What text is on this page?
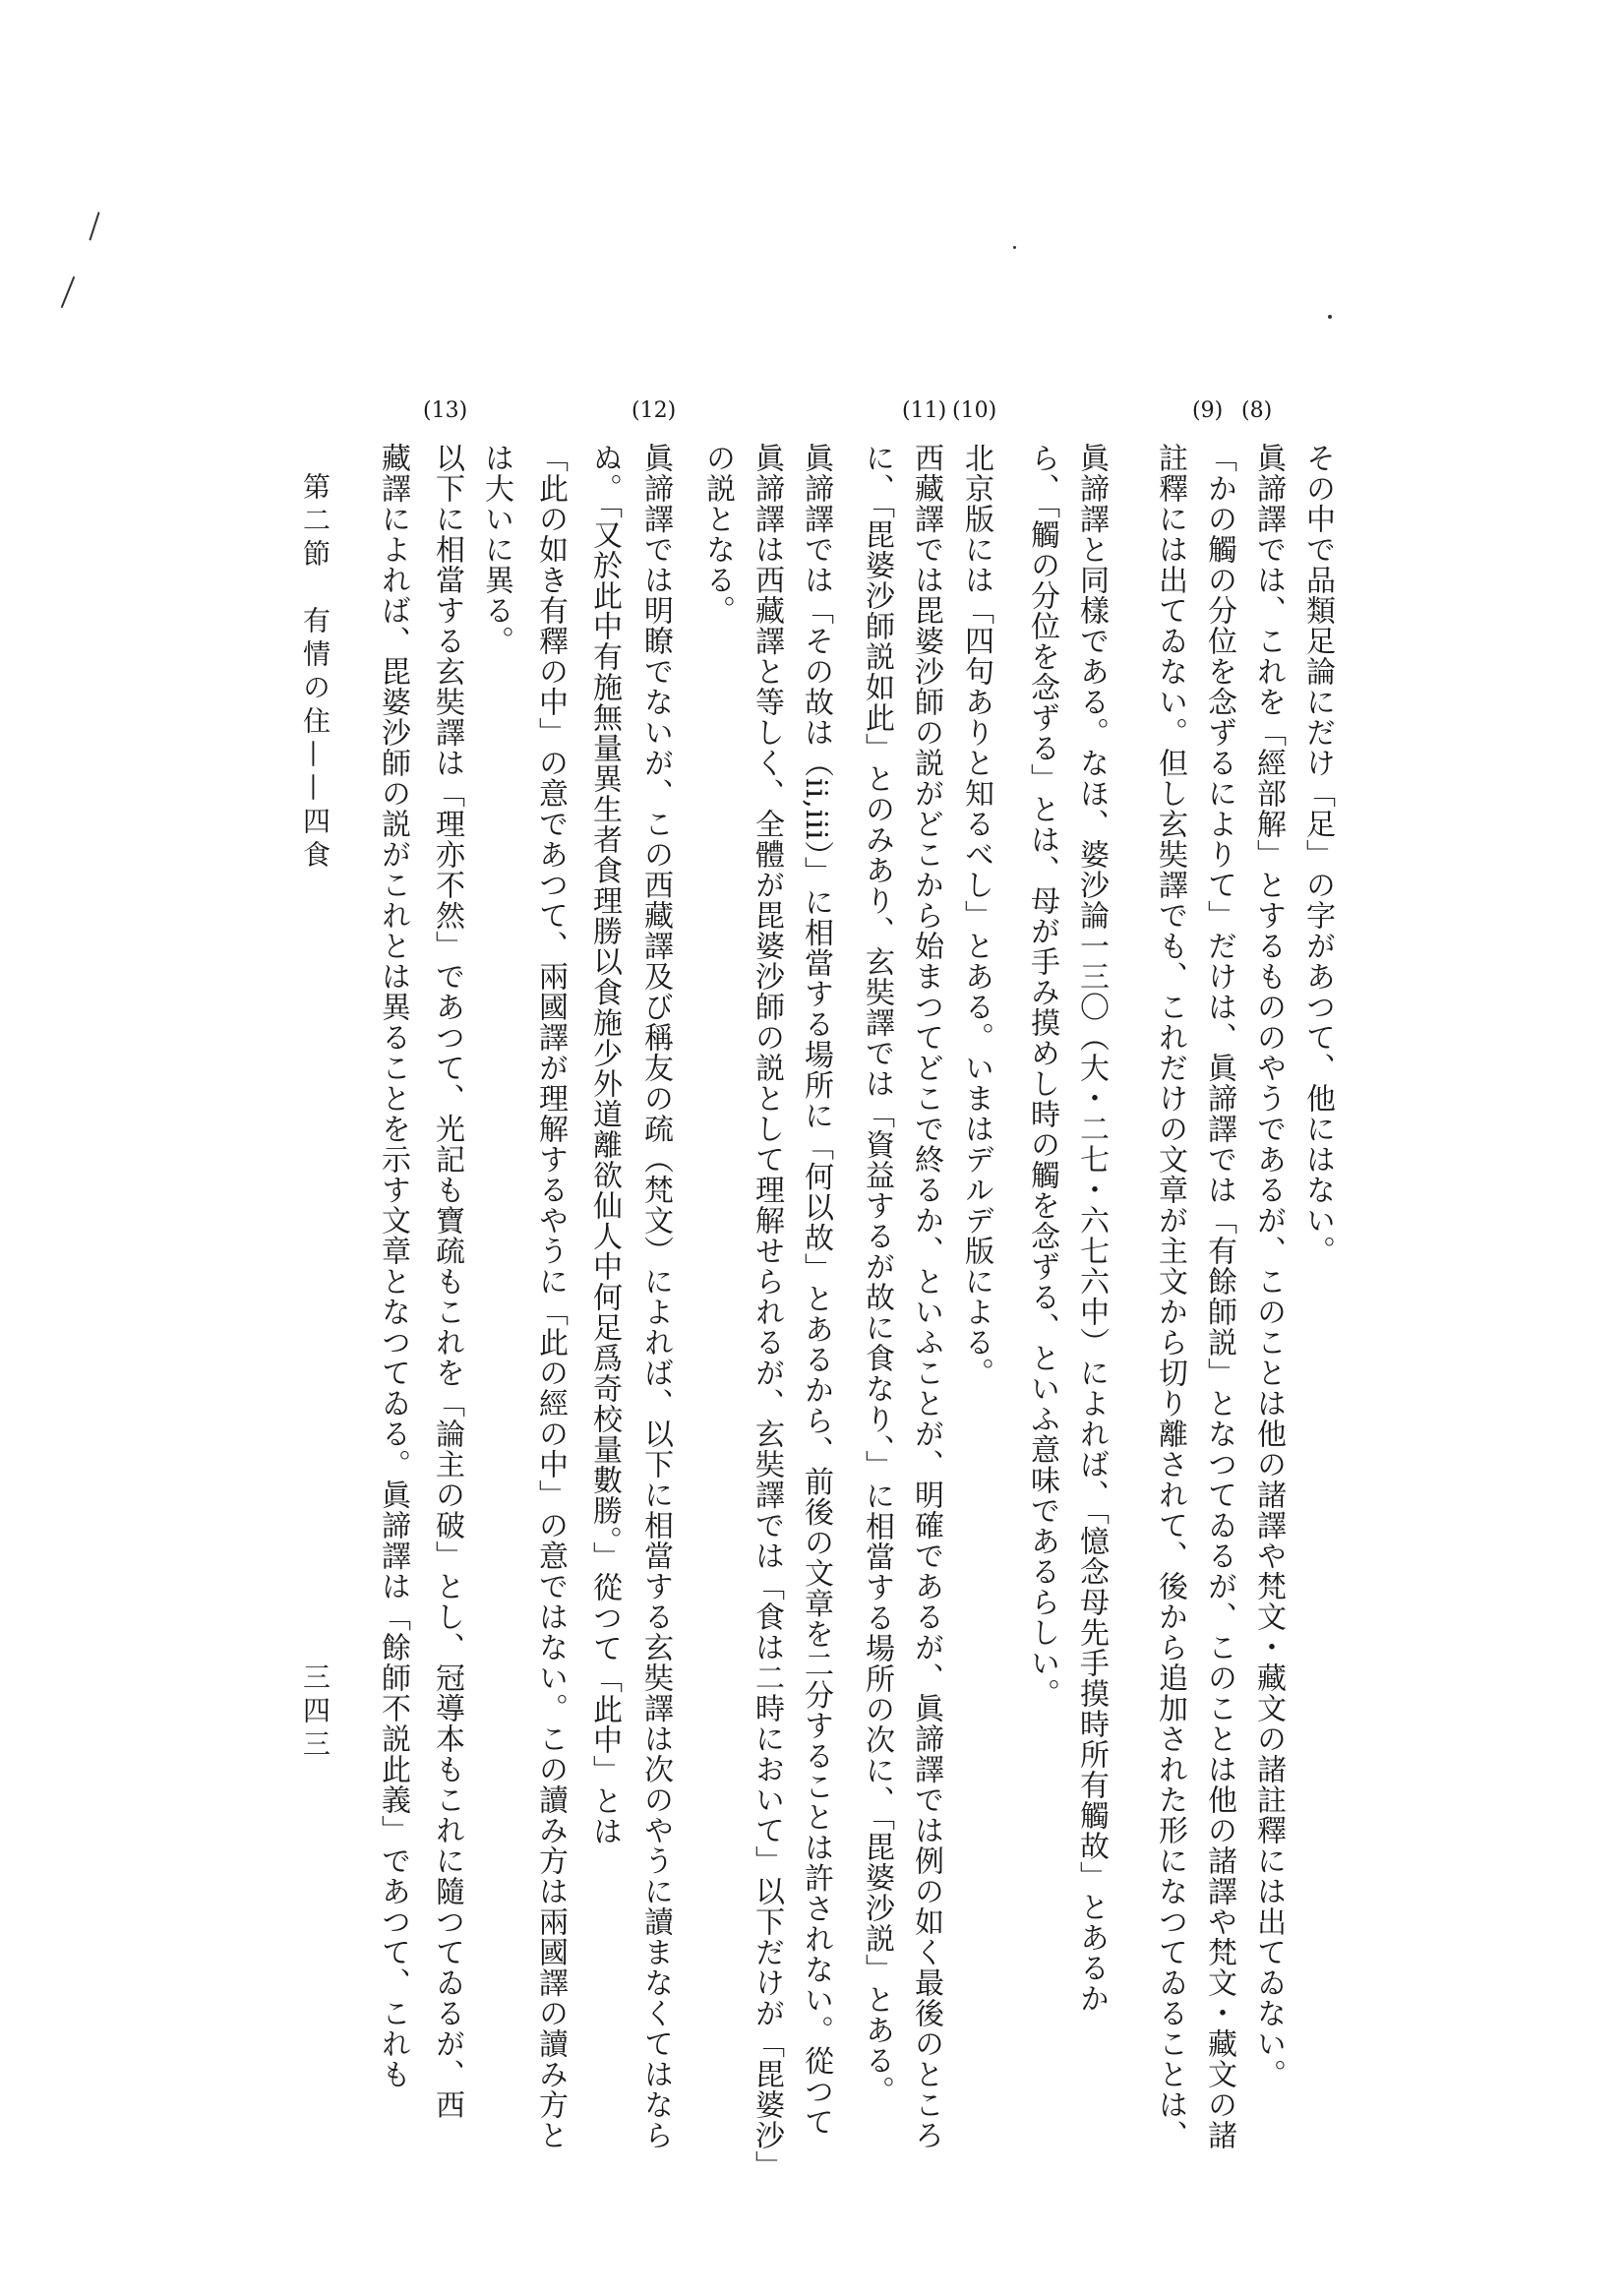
(8)
(9)
(10)
(11)
(12)
(13)
その中で品類足論にだけ「足」の字があつて、他にはない。
眞諦譯では、これを「經部解」とするもののやうであるが、このことは他の諸譯や梵文・藏文の諸註釋には出てゐない。
「かの觸の分位を念ずるによりて」だけは、眞諦譯では「有餘師説」となつてゐるが、このことは他の諸譯や梵文・藏文の諸
註釋には出てゐない。但し玄奘譯でも、これだけの文章が主文から切り離されて、後から追加された形になつてゐることは、
眞諦譯と同樣である。なほ、婆沙論一三〇（大・二七・六七六中）によれば、「憶念母先手摸時所有觸故」とあるか
ら、「觸の分位を念ずる」とは、母が手み摸めし時の觸を念ずる、といふ意味であるらしい。
北京版には「四句ありと知るべし」とある。いまはデルデ版による。
西藏譯では毘婆沙師の説がどこから始まつてどこで終るか、といふことが、明確であるが、眞諦譯では例の如く最後のところ
に、「毘婆沙師説如此」とのみあり、玄奘譯では「資益するが故に食なり、」に相當する場所の次に、「毘婆沙説」とある。
眞諦譯では「その故は（ii,iii）」に相當する場所に「何以故」とあるから、前後の文章を二分することは許されない。從つて
眞諦譯は西藏譯と等しく、全體が毘婆沙師の説として理解せられるが、玄奘譯では「食は二時において」以下だけが「毘婆沙」
の説となる。
眞諦譯では明瞭でないが、この西藏譯及び稱友の疏（梵文）によれば、以下に相當する玄奘譯は次のやうに讀まなくてはなら
ぬ。「又於此中有施無量異生者食理勝以食施少外道離欲仙人中何足爲奇校量數勝。」從つて「此中」とは
「此の如き有釋の中」の意であつて、兩國譯が理解するやうに「此の經の中」の意ではない。この讀み方は兩國譯の讀み方と
は大いに異る。
以下に相當する玄奘譯は「理亦不然」であつて、光記も寶疏もこれを「論主の破」とし、冠導本もこれに隨つてゐるが、西
藏譯によれば、毘婆沙師の説がこれとは異ることを示す文章となつてゐる。眞諦譯は「餘師不説此義」であつて、これも
第二節　有情の住——四食
三四三
